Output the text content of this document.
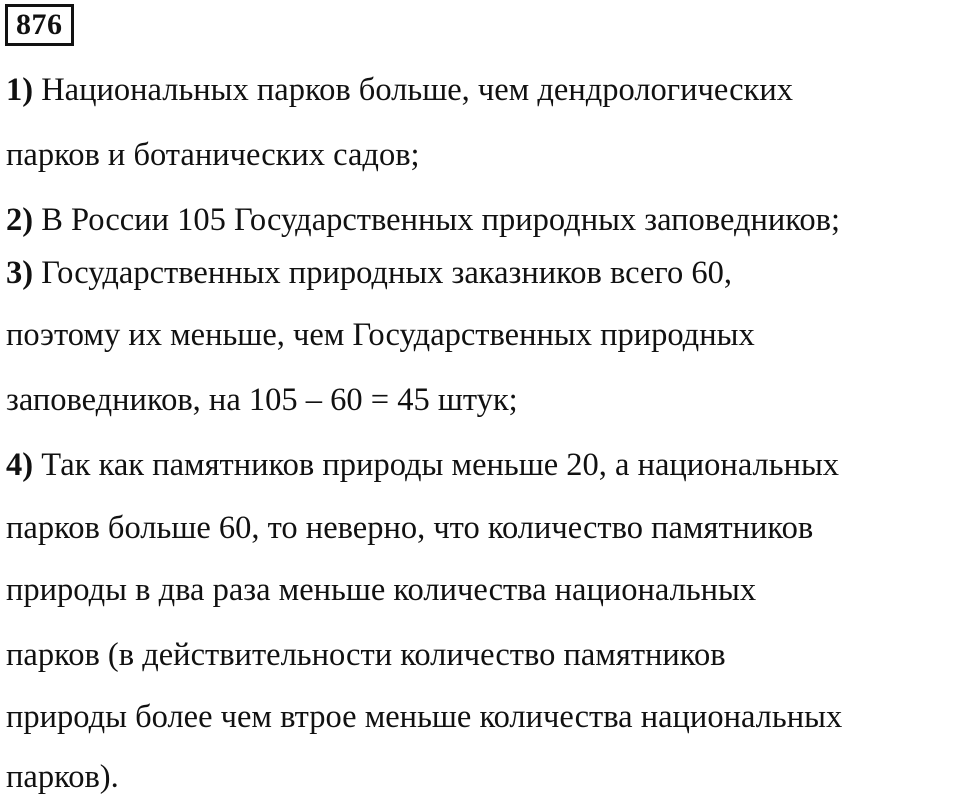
876
1) Национальных парков больше, чем дендрологических
парков и ботанических садов;
2) В России 105 Государственных природных заповедников;
3) Государственных природных заказников всего 60,
поэтому их меньше, чем Государственных природных
заповедников, на 105 – 60 = 45 штук;
4) Так как памятников природы меньше 20, а национальных
парков больше 60, то неверно, что количество памятников
природы в два раза меньше количества национальных
парков (в действительности количество памятников
природы более чем втрое меньше количества национальных
парков).
